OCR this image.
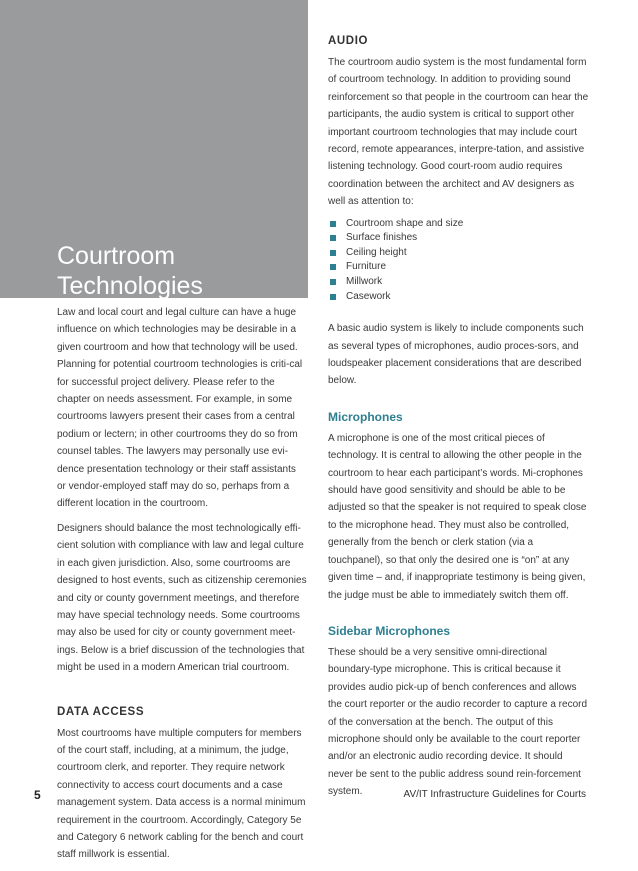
Courtroom
Technologies

Law and local court and legal culture can have a huge influence on which technologies may be desirable in a given courtroom and how that technology will be used. Planning for potential courtroom technologies is criti-cal for successful project delivery. Please refer to the chapter on needs assessment. For example, in some courtrooms lawyers present their cases from a central podium or lectern; in other courtrooms they do so from counsel tables. The lawyers may personally use evi-dence presentation technology or their staff assistants or vendor-employed staff may do so, perhaps from a different location in the courtroom.

Designers should balance the most technologically effi-cient solution with compliance with law and legal culture in each given jurisdiction. Also, some courtrooms are designed to host events, such as citizenship ceremonies and city or county government meetings, and therefore may have special technology needs. Some courtrooms may also be used for city or county government meet-ings. Below is a brief discussion of the technologies that might be used in a modern American trial courtroom.

DATA ACCESS

Most courtrooms have multiple computers for members of the court staff, including, at a minimum, the judge, courtroom clerk, and reporter. They require network connectivity to access court documents and a case management system. Data access is a normal minimum requirement in the courtroom. Accordingly, Category 5e and Category 6 network cabling for the bench and court staff millwork is essential.

AUDIO

The courtroom audio system is the most fundamental form of courtroom technology. In addition to providing sound reinforcement so that people in the courtroom can hear the participants, the audio system is critical to support other important courtroom technologies that may include court record, remote appearances, interpre-tation, and assistive listening technology. Good court-room audio requires coordination between the architect and AV designers as well as attention to:

Courtroom shape and size
Surface finishes
Ceiling height
Furniture
Millwork
Casework

A basic audio system is likely to include components such as several types of microphones, audio proces-sors, and loudspeaker placement considerations that are described below.

Microphones

A microphone is one of the most critical pieces of technology. It is central to allowing the other people in the courtroom to hear each participant’s words. Mi-crophones should have good sensitivity and should be able to be adjusted so that the speaker is not required to speak close to the microphone head. They must also be controlled, generally from the bench or clerk station (via a touchpanel), so that only the desired one is “on” at any given time – and, if inappropriate testimony is being given, the judge must be able to immediately switch them off.

Sidebar Microphones

These should be a very sensitive omni-directional boundary-type microphone. This is critical because it provides audio pick-up of bench conferences and allows the court reporter or the audio recorder to capture a record of the conversation at the bench. The output of this microphone should only be available to the court reporter and/or an electronic audio recording device. It should never be sent to the public address sound rein-forcement system.

5	AV/IT Infrastructure Guidelines for Courts
